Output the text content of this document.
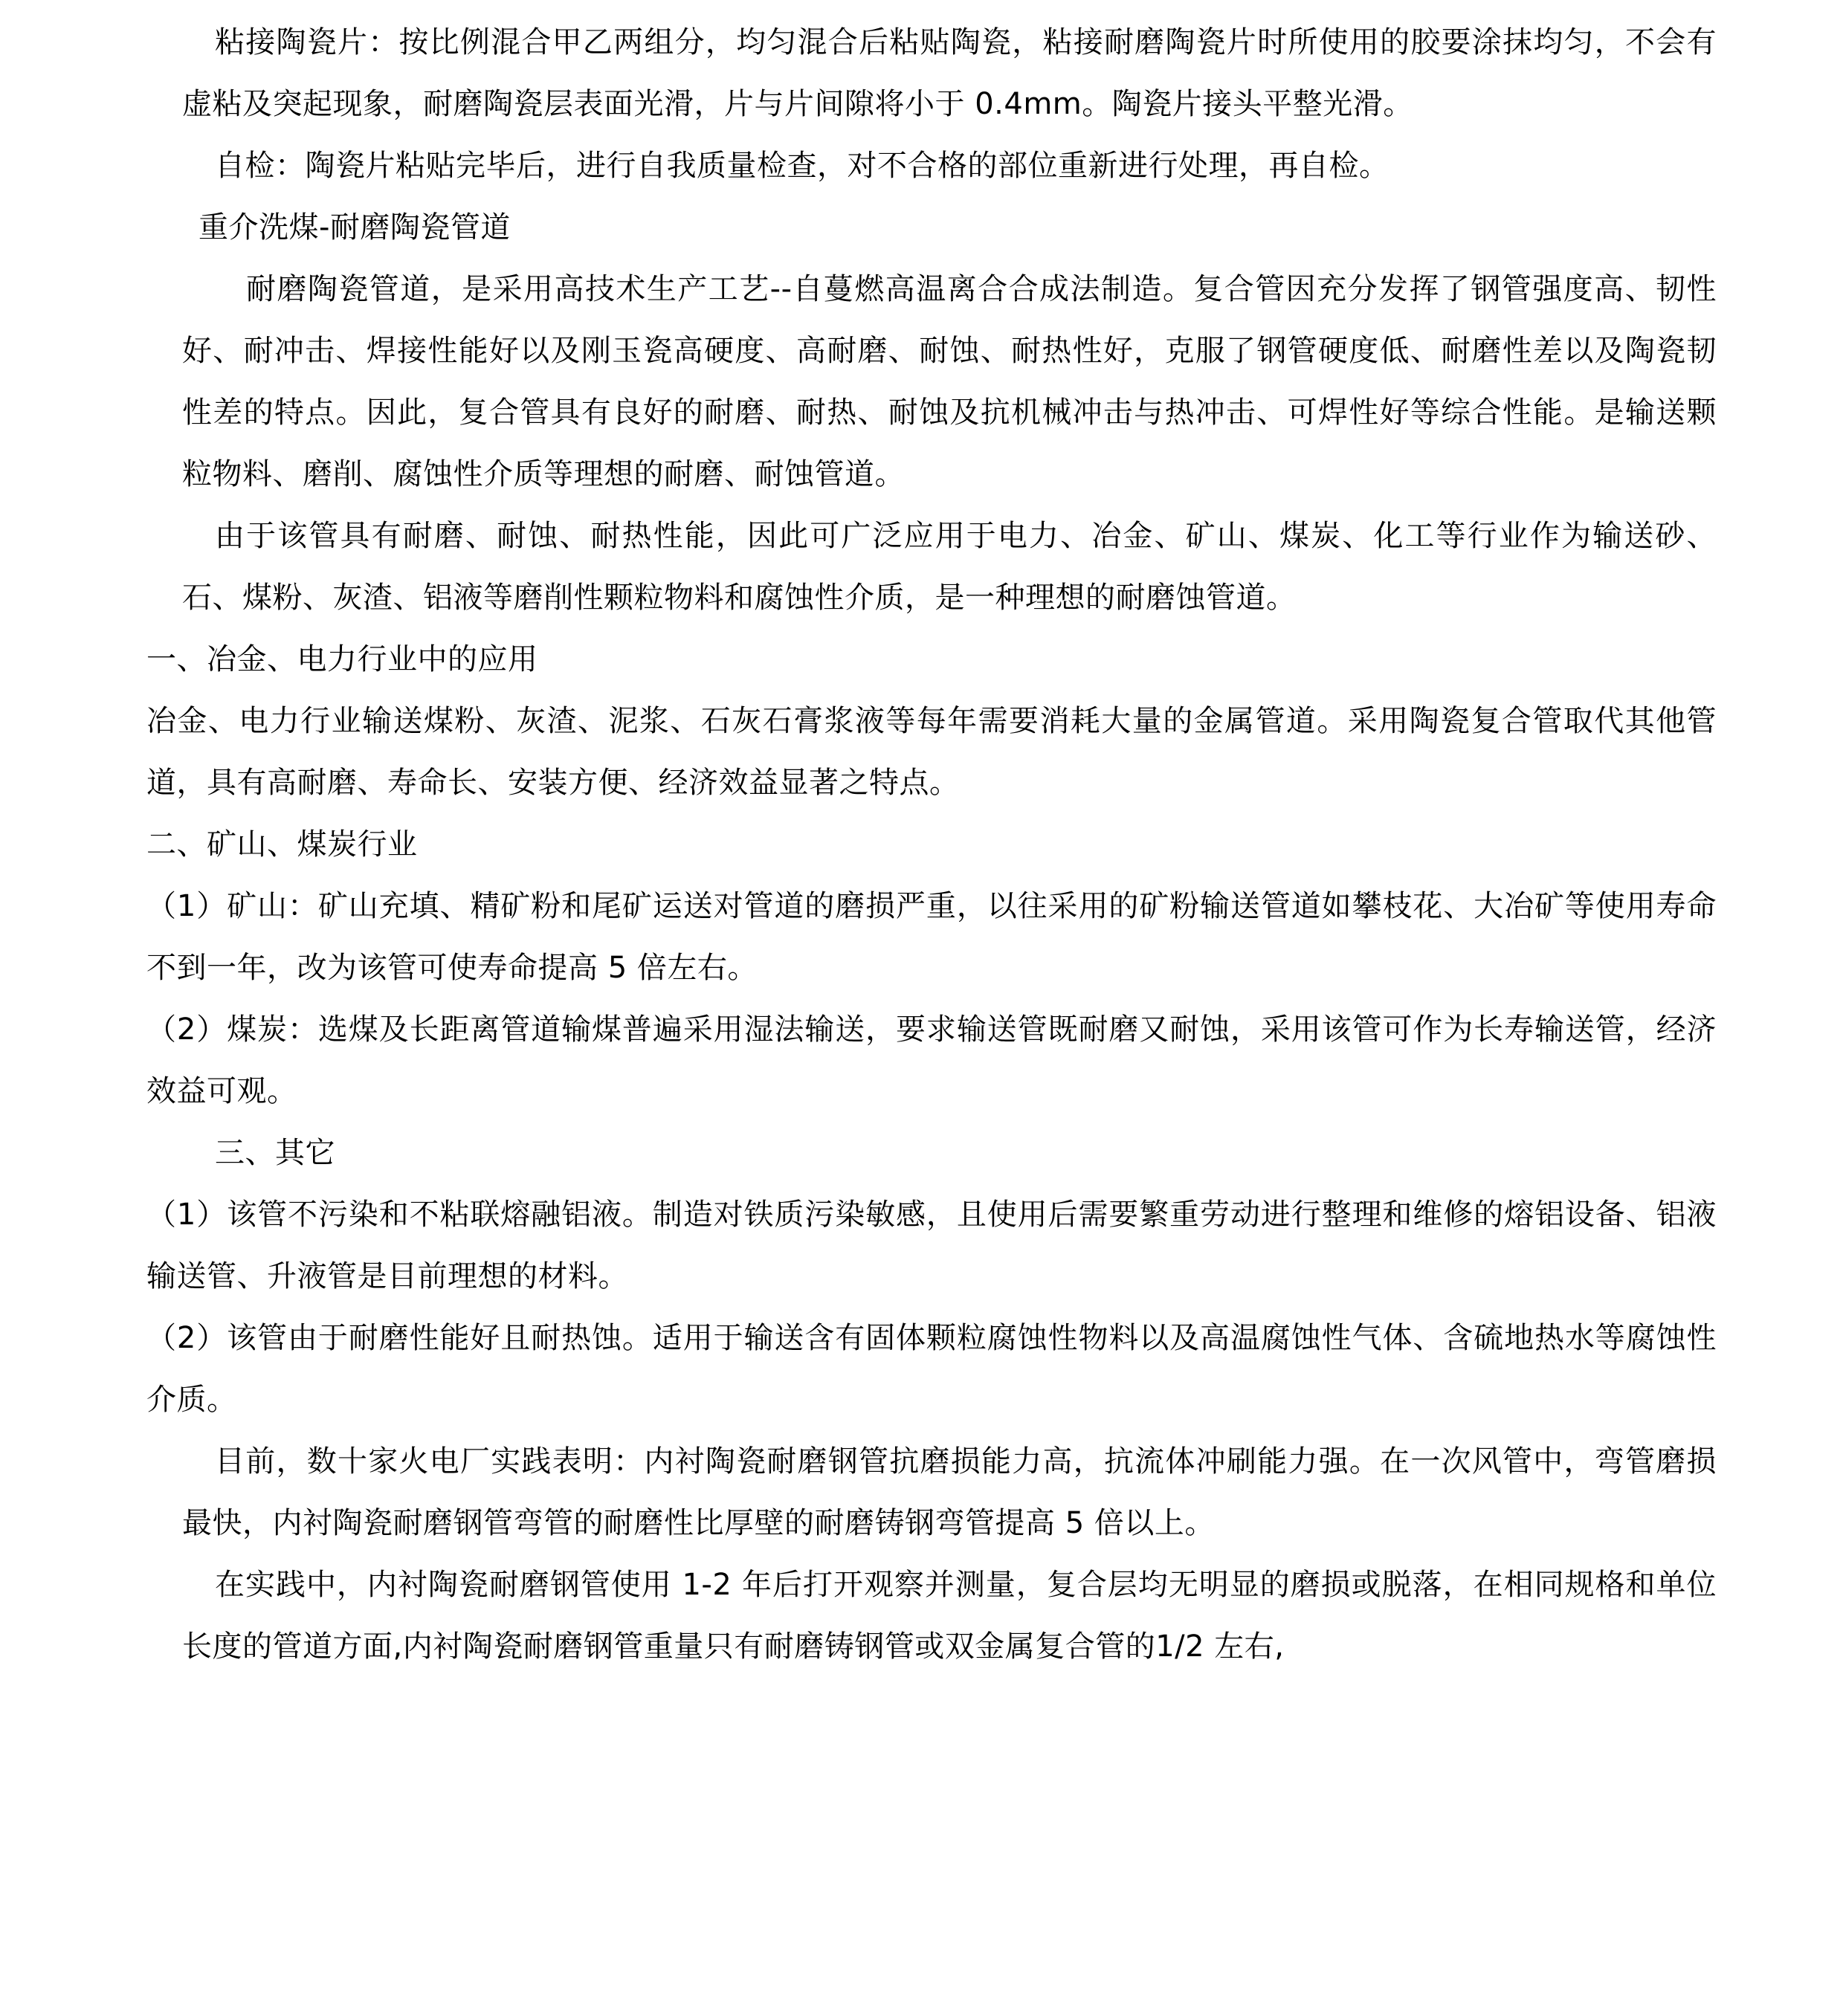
粘接陶瓷片：按比例混合甲乙两组分，均匀混合后粘贴陶瓷，粘接耐磨陶瓷片时所使用的胶要涂抹均匀，不会有虚粘及突起现象，耐磨陶瓷层表面光滑，片与片间隙将小于 0.4mm。陶瓷片接头平整光滑。

自检：陶瓷片粘贴完毕后，进行自我质量检查，对不合格的部位重新进行处理，再自检。

重介洗煤-耐磨陶瓷管道

耐磨陶瓷管道，是采用高技术生产工艺--自蔓燃高温离合合成法制造。复合管因充分发挥了钢管强度高、韧性好、耐冲击、焊接性能好以及刚玉瓷高硬度、高耐磨、耐蚀、耐热性好，克服了钢管硬度低、耐磨性差以及陶瓷韧性差的特点。因此，复合管具有良好的耐磨、耐热、耐蚀及抗机械冲击与热冲击、可焊性好等综合性能。是输送颗粒物料、磨削、腐蚀性介质等理想的耐磨、耐蚀管道。

由于该管具有耐磨、耐蚀、耐热性能，因此可广泛应用于电力、冶金、矿山、煤炭、化工等行业作为输送砂、石、煤粉、灰渣、铝液等磨削性颗粒物料和腐蚀性介质，是一种理想的耐磨蚀管道。

一、冶金、电力行业中的应用

冶金、电力行业输送煤粉、灰渣、泥浆、石灰石膏浆液等每年需要消耗大量的金属管道。采用陶瓷复合管取代其他管道，具有高耐磨、寿命长、安装方便、经济效益显著之特点。

二、矿山、煤炭行业

（1）矿山：矿山充填、精矿粉和尾矿运送对管道的磨损严重，以往采用的矿粉输送管道如攀枝花、大冶矿等使用寿命不到一年，改为该管可使寿命提高 5 倍左右。

（2）煤炭：选煤及长距离管道输煤普遍采用湿法输送，要求输送管既耐磨又耐蚀，采用该管可作为长寿输送管，经济效益可观。

三、其它

（1）该管不污染和不粘联熔融铝液。制造对铁质污染敏感，且使用后需要繁重劳动进行整理和维修的熔铝设备、铝液输送管、升液管是目前理想的材料。

（2）该管由于耐磨性能好且耐热蚀。适用于输送含有固体颗粒腐蚀性物料以及高温腐蚀性气体、含硫地热水等腐蚀性介质。

目前，数十家火电厂实践表明：内衬陶瓷耐磨钢管抗磨损能力高，抗流体冲刷能力强。在一次风管中，弯管磨损最快，内衬陶瓷耐磨钢管弯管的耐磨性比厚壁的耐磨铸钢弯管提高 5 倍以上。

在实践中，内衬陶瓷耐磨钢管使用 1-2 年后打开观察并测量，复合层均无明显的磨损或脱落，在相同规格和单位长度的管道方面,内衬陶瓷耐磨钢管重量只有耐磨铸钢管或双金属复合管的1/2 左右,
